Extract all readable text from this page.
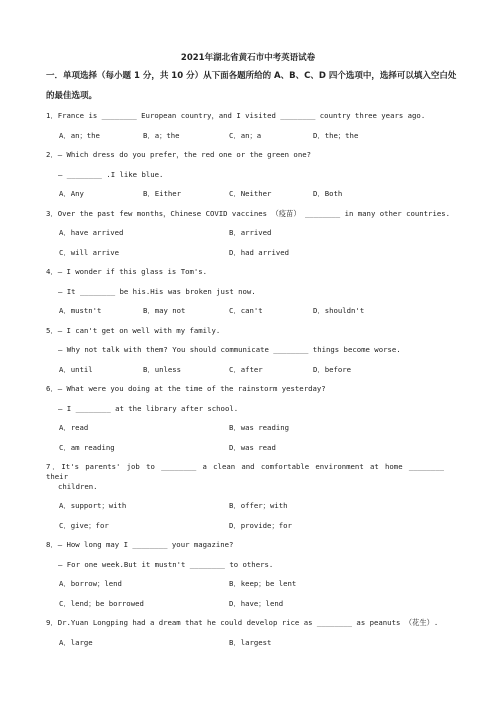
2021年湖北省黄石市中考英语试卷
一．单项选择（每小题 1 分，共 10 分）从下面各题所给的 A、B、C、D 四个选项中，选择可以填入空白处
的最佳选项。
1．France is ________ European country，and I visited ________ country three years ago.
A．an；the	B．a；the	C．an；a	D．the；the
2．— Which dress do you prefer，the red one or the green one?
— ________ .I like blue.
A．Any	B．Either	C．Neither	D．Both
3．Over the past few months，Chinese COVID vaccines （疫苗） ________ in many other countries.
A．have arrived	B．arrived
C．will arrive	D．had arrived
4．— I wonder if this glass is Tom's.
— It ________ be his.His was broken just now.
A．mustn't	B．may not	C．can't	D．shouldn't
5．— I can't get on well with my family.
— Why not talk with them? You should communicate ________ things become worse.
A．until	B．unless	C．after	D．before
6．— What were you doing at the time of the rainstorm yesterday?
— I ________ at the library after school.
A．read	B．was reading
C．am reading	D．was read
7．It's parents' job to ________ a clean and comfortable environment at home ________ their
children.
A．support；with	B．offer；with
C．give；for	D．provide；for
8．— How long may I ________ your magazine?
— For one week.But it mustn't ________ to others.
A．borrow；lend	B．keep；be lent
C．lend；be borrowed	D．have；lend
9．Dr.Yuan Longping had a dream that he could develop rice as ________ as peanuts （花生）.
A．large	B．largest
